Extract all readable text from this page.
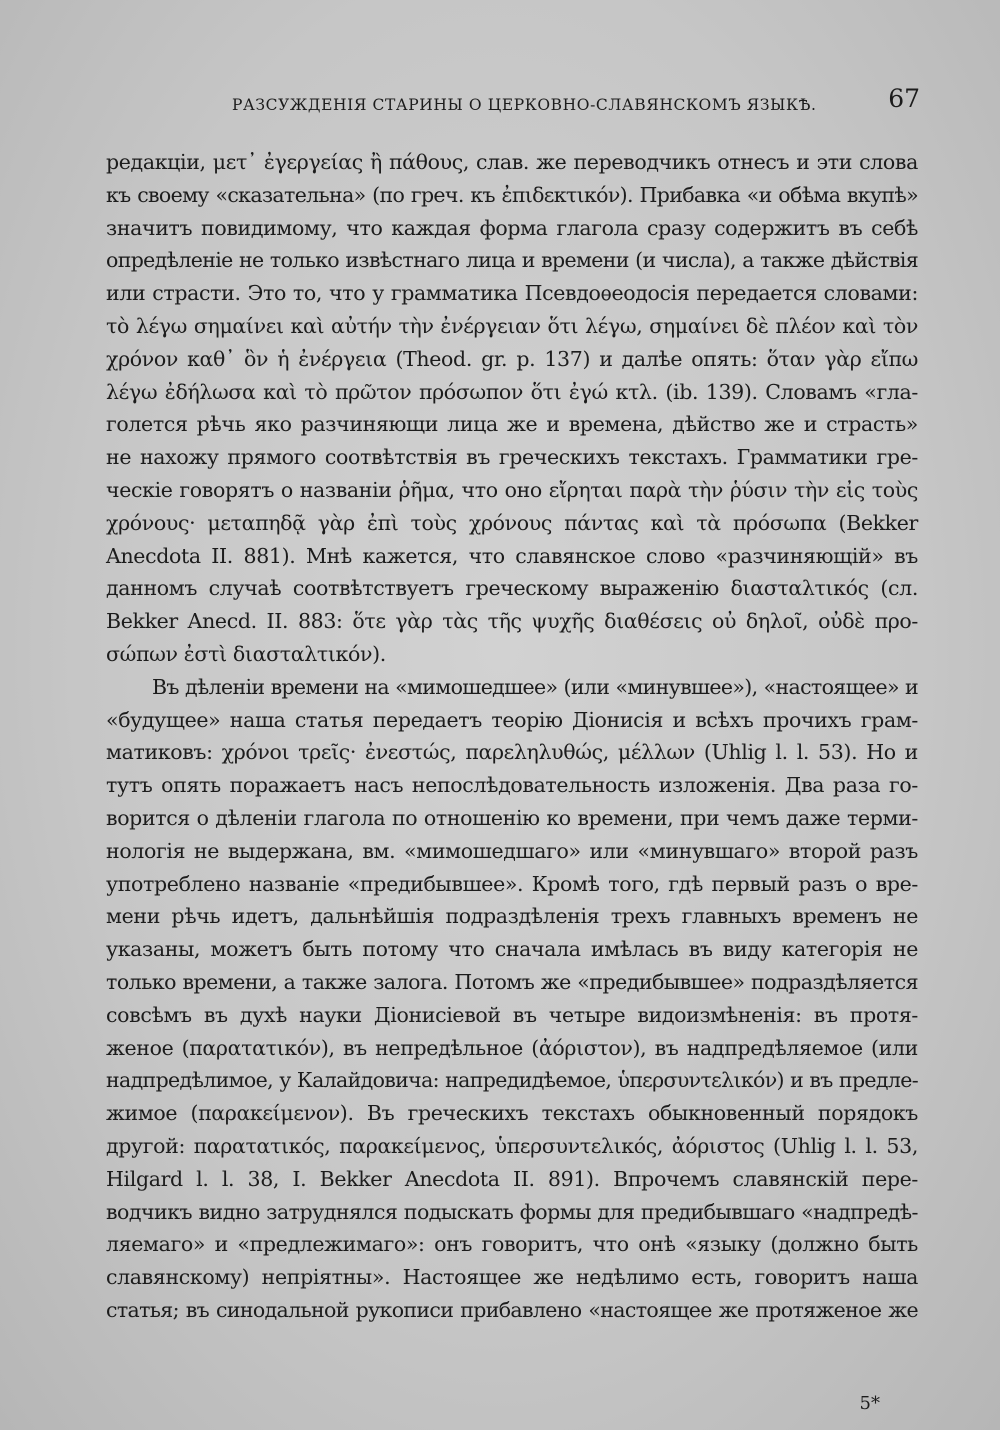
РАЗСУЖДЕНІЯ СТАРИНЫ О ЦЕРКОВНО-СЛАВЯНСКОМЪ ЯЗЫКѢ.	67
редакціи, μετ᾽ ἐγεργείας ἢ πάθους, слав. же переводчикъ отнесъ и эти слова
къ своему «сказательна» (по греч. къ ἐπιδεκτικόν). Прибавка «и обѣма вкупѣ»
значитъ повидимому, что каждая форма глагола сразу содержитъ въ себѣ
опредѣленіе не только извѣстнаго лица и времени (и числа), а также дѣйствія
или страсти. Это то, что у грамматика Псевдоѳеодосія передается словами:
τὸ λέγω σημαίνει καὶ αὐτήν τὴν ἐνέργειαν ὅτι λέγω, σημαίνει δὲ πλέον καὶ τὸν
χρόνον καθ᾽ ὃν ἡ ἐνέργεια (Theod. gr. p. 137) и далѣе опять: ὅταν γὰρ εἴπω
λέγω ἐδήλωσα καὶ τὸ πρῶτον πρόσωπον ὅτι ἐγώ κτλ. (ib. 139). Словамъ «гла-
голется рѣчь яко разчиняющи лица же и времена, дѣйство же и страсть»
не нахожу прямого соотвѣтствія въ греческихъ текстахъ. Грамматики гре-
ческіе говорятъ о названіи ῥῆμα, что оно εἴρηται παρὰ τὴν ῥύσιν τὴν εἰς τοὺς
χρόνους· μεταπηδᾷ γὰρ ἐπὶ τοὺς χρόνους πάντας καὶ τὰ πρόσωπα (Bekker
Anecdota II. 881). Мнѣ кажется, что славянское слово «разчиняющій» въ
данномъ случаѣ соотвѣтствуетъ греческому выраженію διασταλτικός (сл.
Bekker Anecd. II. 883: ὅτε γὰρ τὰς τῆς ψυχῆς διαθέσεις οὐ δηλοῖ, οὐδὲ προ-
σώπων ἐστὶ διασταλτικόν).
Въ дѣленіи времени на «мимошедшее» (или «минувшее»), «настоящее» и
«будущее» наша статья передаетъ теорію Діонисія и всѣхъ прочихъ грам-
матиковъ: χρόνοι τρεῖς· ἐνεστώς, παρεληλυθώς, μέλλων (Uhlig l. l. 53). Но и
тутъ опять поражаетъ насъ непослѣдовательность изложенія. Два раза го-
ворится о дѣленіи глагола по отношенію ко времени, при чемъ даже терми-
нологія не выдержана, вм. «мимошедшаго» или «минувшаго» второй разъ
употреблено названіе «предибывшее». Кромѣ того, гдѣ первый разъ о вре-
мени рѣчь идетъ, дальнѣйшія подраздѣленія трехъ главныхъ временъ не
указаны, можетъ быть потому что сначала имѣлась въ виду категорія не
только времени, а также залога. Потомъ же «предибывшее» подраздѣляется
совсѣмъ въ духѣ науки Діонисіевой въ четыре видоизмѣненія: въ протя-
женое (παρατατικόν), въ непредѣльное (ἀόριστον), въ надпредѣляемое (или
надпредѣлимое, у Калайдовича: напредидѣемое, ὑπερσυντελικόν) и въ предле-
жимое (παρακείμενον). Въ греческихъ текстахъ обыкновенный порядокъ
другой: παρατατικός, παρακείμενος, ὑπερσυντελικός, ἀόριστος (Uhlig l. l. 53,
Hilgard l. l. 38, I. Bekker Anecdota II. 891). Впрочемъ славянскій пере-
водчикъ видно затруднялся подыскать формы для предибывшаго «надпредѣ-
ляемаго» и «предлежимаго»: онъ говоритъ, что онѣ «языку (должно быть
славянскому) непріятны». Настоящее же недѣлимо есть, говоритъ наша
статья; въ синодальной рукописи прибавлено «настоящее же протяженое же
5*
